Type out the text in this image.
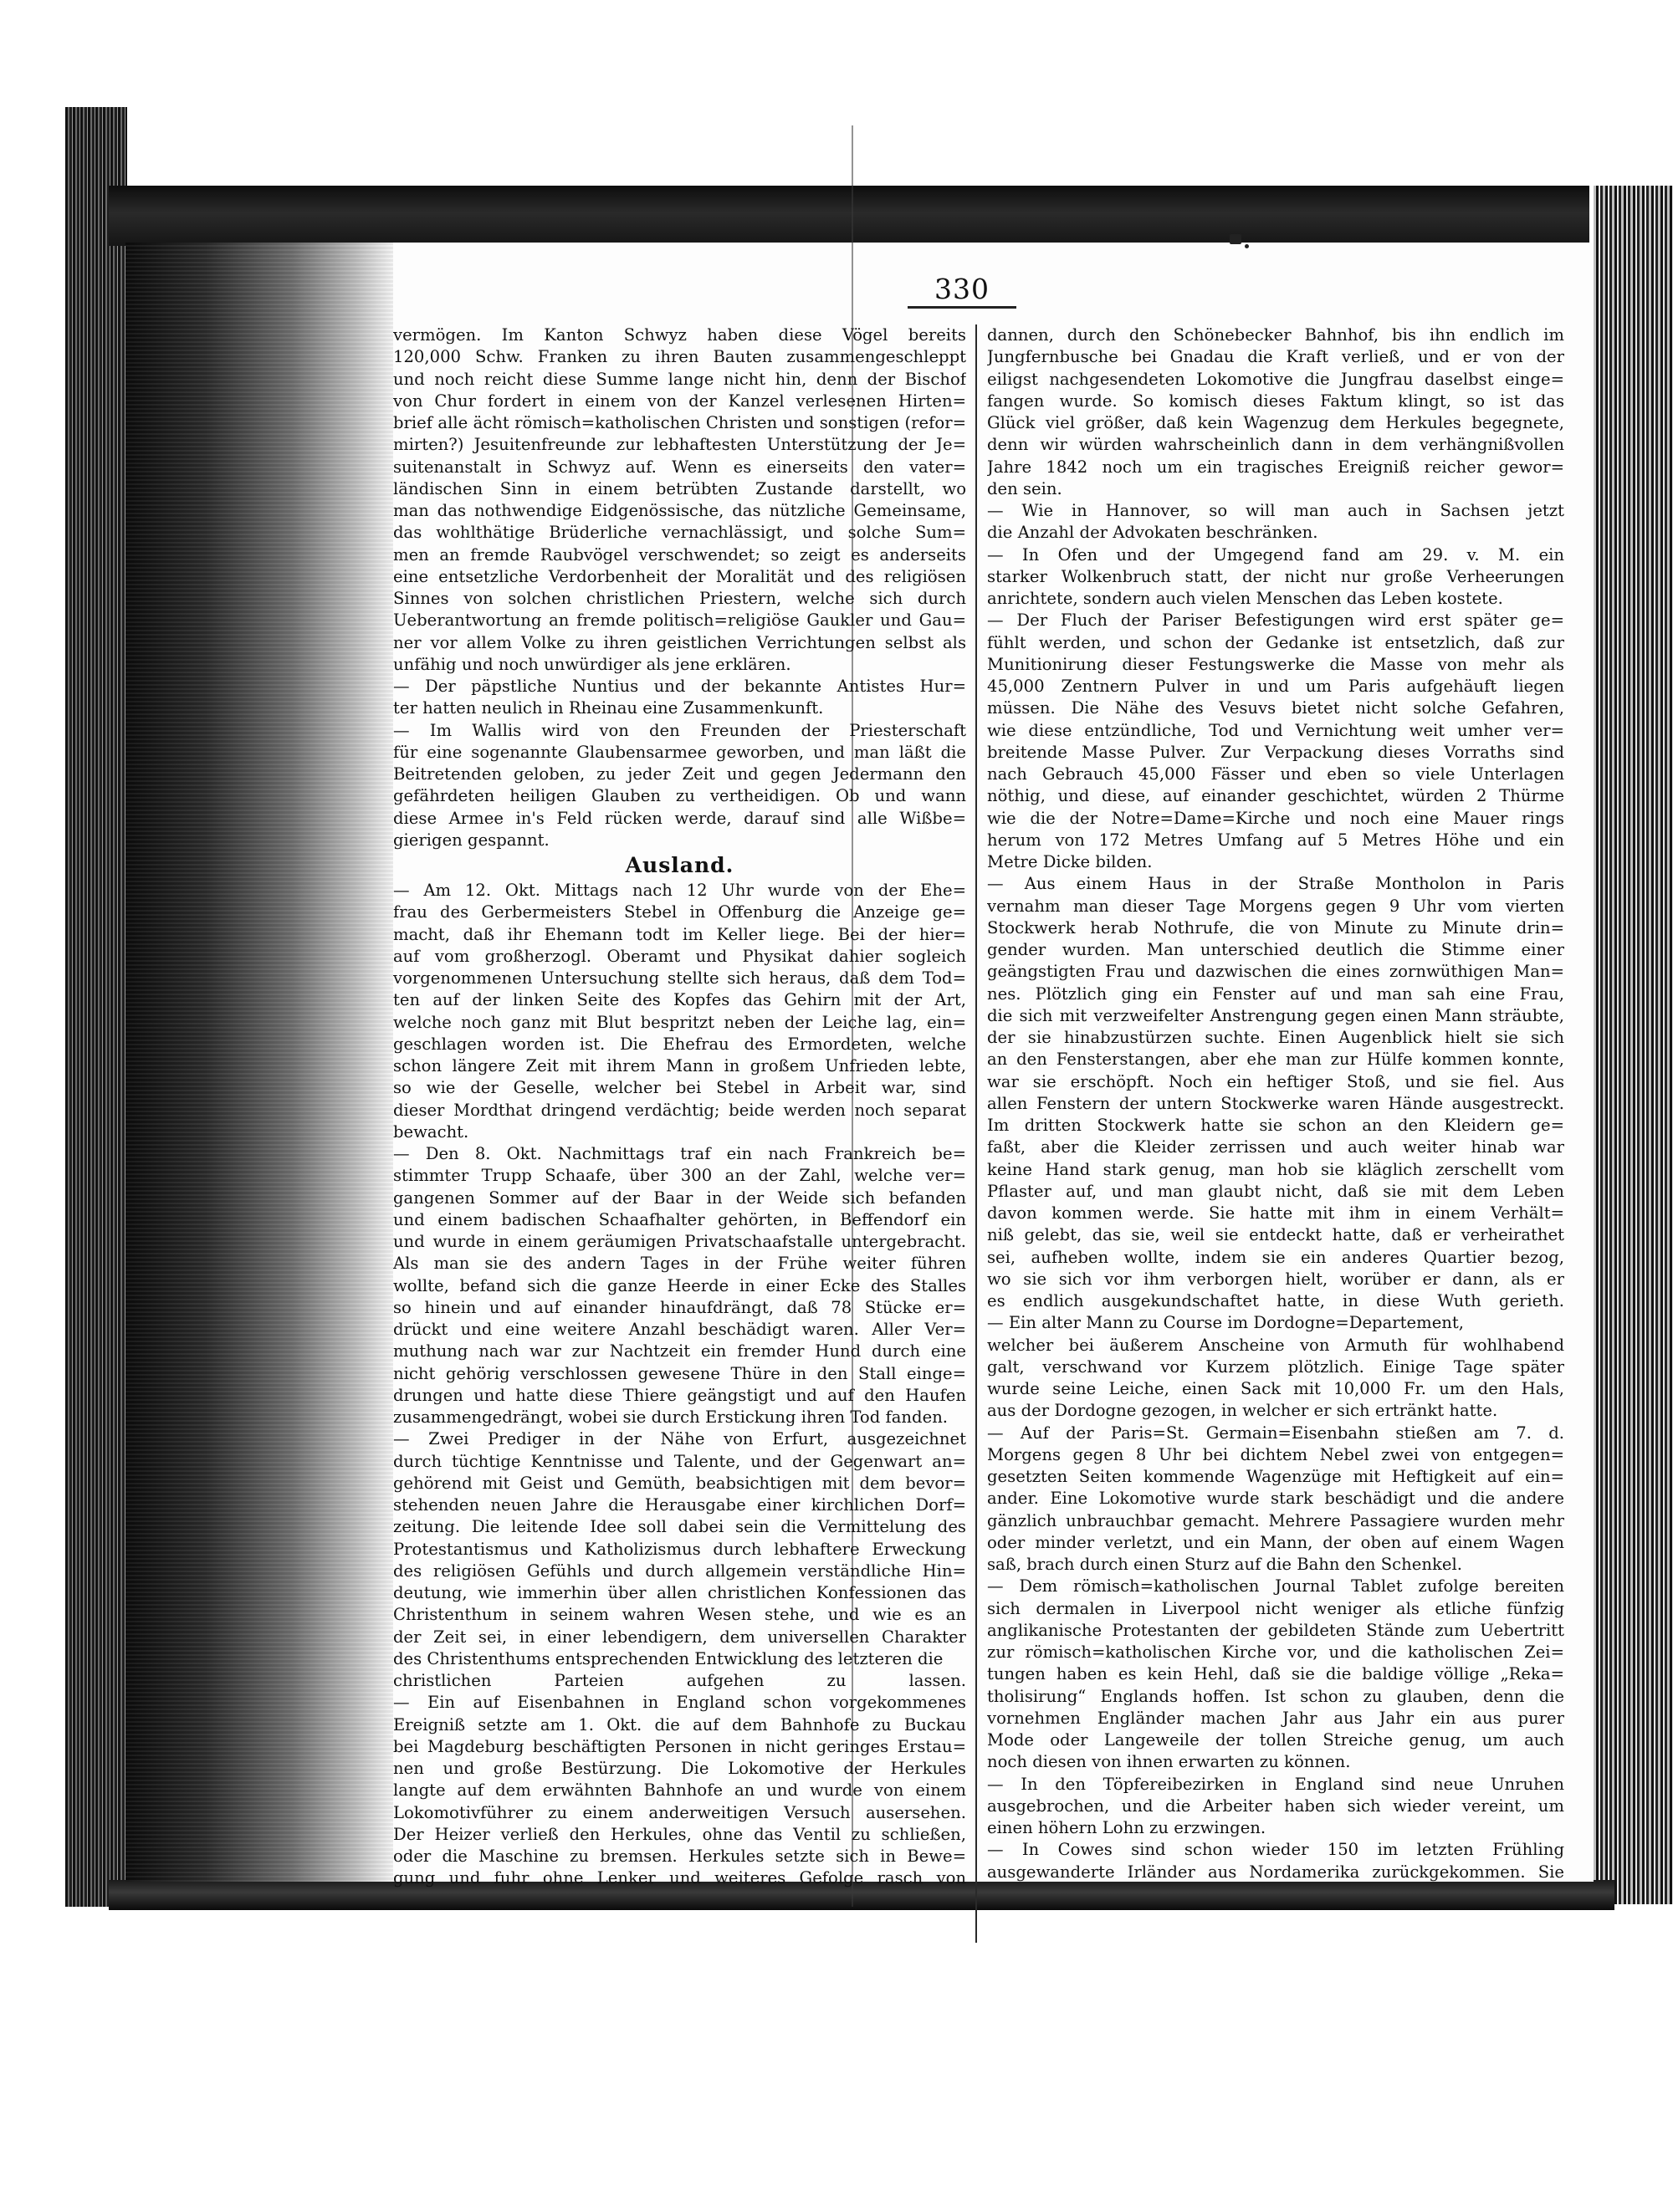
330
vermögen. Im Kanton Schwyz haben diese Vögel bereits
120,000 Schw. Franken zu ihren Bauten zusammengeschleppt
und noch reicht diese Summe lange nicht hin, denn der Bischof
von Chur fordert in einem von der Kanzel verlesenen Hirten=
brief alle ächt römisch=katholischen Christen und sonstigen (refor=
mirten?) Jesuitenfreunde zur lebhaftesten Unterstützung der Je=
suitenanstalt in Schwyz auf. Wenn es einerseits den vater=
ländischen Sinn in einem betrübten Zustande darstellt, wo
man das nothwendige Eidgenössische, das nützliche Gemeinsame,
das wohlthätige Brüderliche vernachlässigt, und solche Sum=
men an fremde Raubvögel verschwendet; so zeigt es anderseits
eine entsetzliche Verdorbenheit der Moralität und des religiösen
Sinnes von solchen christlichen Priestern, welche sich durch
Ueberantwortung an fremde politisch=religiöse Gaukler und Gau=
ner vor allem Volke zu ihren geistlichen Verrichtungen selbst als
unfähig und noch unwürdiger als jene erklären.
— Der päpstliche Nuntius und der bekannte Antistes Hur=
ter hatten neulich in Rheinau eine Zusammenkunft.
— Im Wallis wird von den Freunden der Priesterschaft
für eine sogenannte Glaubensarmee geworben, und man läßt die
Beitretenden geloben, zu jeder Zeit und gegen Jedermann den
gefährdeten heiligen Glauben zu vertheidigen. Ob und wann
diese Armee in's Feld rücken werde, darauf sind alle Wißbe=
gierigen gespannt.
Ausland.
— Am 12. Okt. Mittags nach 12 Uhr wurde von der Ehe=
frau des Gerbermeisters Stebel in Offenburg die Anzeige ge=
macht, daß ihr Ehemann todt im Keller liege. Bei der hier=
auf vom großherzogl. Oberamt und Physikat dahier sogleich
vorgenommenen Untersuchung stellte sich heraus, daß dem Tod=
ten auf der linken Seite des Kopfes das Gehirn mit der Art,
welche noch ganz mit Blut bespritzt neben der Leiche lag, ein=
geschlagen worden ist. Die Ehefrau des Ermordeten, welche
schon längere Zeit mit ihrem Mann in großem Unfrieden lebte,
so wie der Geselle, welcher bei Stebel in Arbeit war, sind
dieser Mordthat dringend verdächtig; beide werden noch separat
bewacht.
— Den 8. Okt. Nachmittags traf ein nach Frankreich be=
stimmter Trupp Schaafe, über 300 an der Zahl, welche ver=
gangenen Sommer auf der Baar in der Weide sich befanden
und einem badischen Schaafhalter gehörten, in Beffendorf ein
und wurde in einem geräumigen Privatschaafstalle untergebracht.
Als man sie des andern Tages in der Frühe weiter führen
wollte, befand sich die ganze Heerde in einer Ecke des Stalles
so hinein und auf einander hinaufdrängt, daß 78 Stücke er=
drückt und eine weitere Anzahl beschädigt waren. Aller Ver=
muthung nach war zur Nachtzeit ein fremder Hund durch eine
nicht gehörig verschlossen gewesene Thüre in den Stall einge=
drungen und hatte diese Thiere geängstigt und auf den Haufen
zusammengedrängt, wobei sie durch Erstickung ihren Tod fanden.
— Zwei Prediger in der Nähe von Erfurt, ausgezeichnet
durch tüchtige Kenntnisse und Talente, und der Gegenwart an=
gehörend mit Geist und Gemüth, beabsichtigen mit dem bevor=
stehenden neuen Jahre die Herausgabe einer kirchlichen Dorf=
zeitung. Die leitende Idee soll dabei sein die Vermittelung des
Protestantismus und Katholizismus durch lebhaftere Erweckung
des religiösen Gefühls und durch allgemein verständliche Hin=
deutung, wie immerhin über allen christlichen Konfessionen das
Christenthum in seinem wahren Wesen stehe, und wie es an
der Zeit sei, in einer lebendigern, dem universellen Charakter
des Christenthums entsprechenden Entwicklung des letzteren die
christlichen Parteien aufgehen zu lassen.
— Ein auf Eisenbahnen in England schon vorgekommenes
Ereigniß setzte am 1. Okt. die auf dem Bahnhofe zu Buckau
bei Magdeburg beschäftigten Personen in nicht geringes Erstau=
nen und große Bestürzung. Die Lokomotive der Herkules
langte auf dem erwähnten Bahnhofe an und wurde von einem
Lokomotivführer zu einem anderweitigen Versuch ausersehen.
Der Heizer verließ den Herkules, ohne das Ventil zu schließen,
oder die Maschine zu bremsen. Herkules setzte sich in Bewe=
gung und fuhr ohne Lenker und weiteres Gefolge rasch von
dannen, durch den Schönebecker Bahnhof, bis ihn endlich im
Jungfernbusche bei Gnadau die Kraft verließ, und er von der
eiligst nachgesendeten Lokomotive die Jungfrau daselbst einge=
fangen wurde. So komisch dieses Faktum klingt, so ist das
Glück viel größer, daß kein Wagenzug dem Herkules begegnete,
denn wir würden wahrscheinlich dann in dem verhängnißvollen
Jahre 1842 noch um ein tragisches Ereigniß reicher gewor=
den sein.
— Wie in Hannover, so will man auch in Sachsen jetzt
die Anzahl der Advokaten beschränken.
— In Ofen und der Umgegend fand am 29. v. M. ein
starker Wolkenbruch statt, der nicht nur große Verheerungen
anrichtete, sondern auch vielen Menschen das Leben kostete.
— Der Fluch der Pariser Befestigungen wird erst später ge=
fühlt werden, und schon der Gedanke ist entsetzlich, daß zur
Munitionirung dieser Festungswerke die Masse von mehr als
45,000 Zentnern Pulver in und um Paris aufgehäuft liegen
müssen. Die Nähe des Vesuvs bietet nicht solche Gefahren,
wie diese entzündliche, Tod und Vernichtung weit umher ver=
breitende Masse Pulver. Zur Verpackung dieses Vorraths sind
nach Gebrauch 45,000 Fässer und eben so viele Unterlagen
nöthig, und diese, auf einander geschichtet, würden 2 Thürme
wie die der Notre=Dame=Kirche und noch eine Mauer rings
herum von 172 Metres Umfang auf 5 Metres Höhe und ein
Metre Dicke bilden.
— Aus einem Haus in der Straße Montholon in Paris
vernahm man dieser Tage Morgens gegen 9 Uhr vom vierten
Stockwerk herab Nothrufe, die von Minute zu Minute drin=
gender wurden. Man unterschied deutlich die Stimme einer
geängstigten Frau und dazwischen die eines zornwüthigen Man=
nes. Plötzlich ging ein Fenster auf und man sah eine Frau,
die sich mit verzweifelter Anstrengung gegen einen Mann sträubte,
der sie hinabzustürzen suchte. Einen Augenblick hielt sie sich
an den Fensterstangen, aber ehe man zur Hülfe kommen konnte,
war sie erschöpft. Noch ein heftiger Stoß, und sie fiel. Aus
allen Fenstern der untern Stockwerke waren Hände ausgestreckt.
Im dritten Stockwerk hatte sie schon an den Kleidern ge=
faßt, aber die Kleider zerrissen und auch weiter hinab war
keine Hand stark genug, man hob sie kläglich zerschellt vom
Pflaster auf, und man glaubt nicht, daß sie mit dem Leben
davon kommen werde. Sie hatte mit ihm in einem Verhält=
niß gelebt, das sie, weil sie entdeckt hatte, daß er verheirathet
sei, aufheben wollte, indem sie ein anderes Quartier bezog,
wo sie sich vor ihm verborgen hielt, worüber er dann, als er
es endlich ausgekundschaftet hatte, in diese Wuth gerieth.
— Ein alter Mann zu Course im Dordogne=Departement,
welcher bei äußerem Anscheine von Armuth für wohlhabend
galt, verschwand vor Kurzem plötzlich. Einige Tage später
wurde seine Leiche, einen Sack mit 10,000 Fr. um den Hals,
aus der Dordogne gezogen, in welcher er sich ertränkt hatte.
— Auf der Paris=St. Germain=Eisenbahn stießen am 7. d.
Morgens gegen 8 Uhr bei dichtem Nebel zwei von entgegen=
gesetzten Seiten kommende Wagenzüge mit Heftigkeit auf ein=
ander. Eine Lokomotive wurde stark beschädigt und die andere
gänzlich unbrauchbar gemacht. Mehrere Passagiere wurden mehr
oder minder verletzt, und ein Mann, der oben auf einem Wagen
saß, brach durch einen Sturz auf die Bahn den Schenkel.
— Dem römisch=katholischen Journal Tablet zufolge bereiten
sich dermalen in Liverpool nicht weniger als etliche fünfzig
anglikanische Protestanten der gebildeten Stände zum Uebertritt
zur römisch=katholischen Kirche vor, und die katholischen Zei=
tungen haben es kein Hehl, daß sie die baldige völlige „Reka=
tholisirung“ Englands hoffen. Ist schon zu glauben, denn die
vornehmen Engländer machen Jahr aus Jahr ein aus purer
Mode oder Langeweile der tollen Streiche genug, um auch
noch diesen von ihnen erwarten zu können.
— In den Töpfereibezirken in England sind neue Unruhen
ausgebrochen, und die Arbeiter haben sich wieder vereint, um
einen höhern Lohn zu erzwingen.
— In Cowes sind schon wieder 150 im letzten Frühling
ausgewanderte Irländer aus Nordamerika zurückgekommen. Sie
